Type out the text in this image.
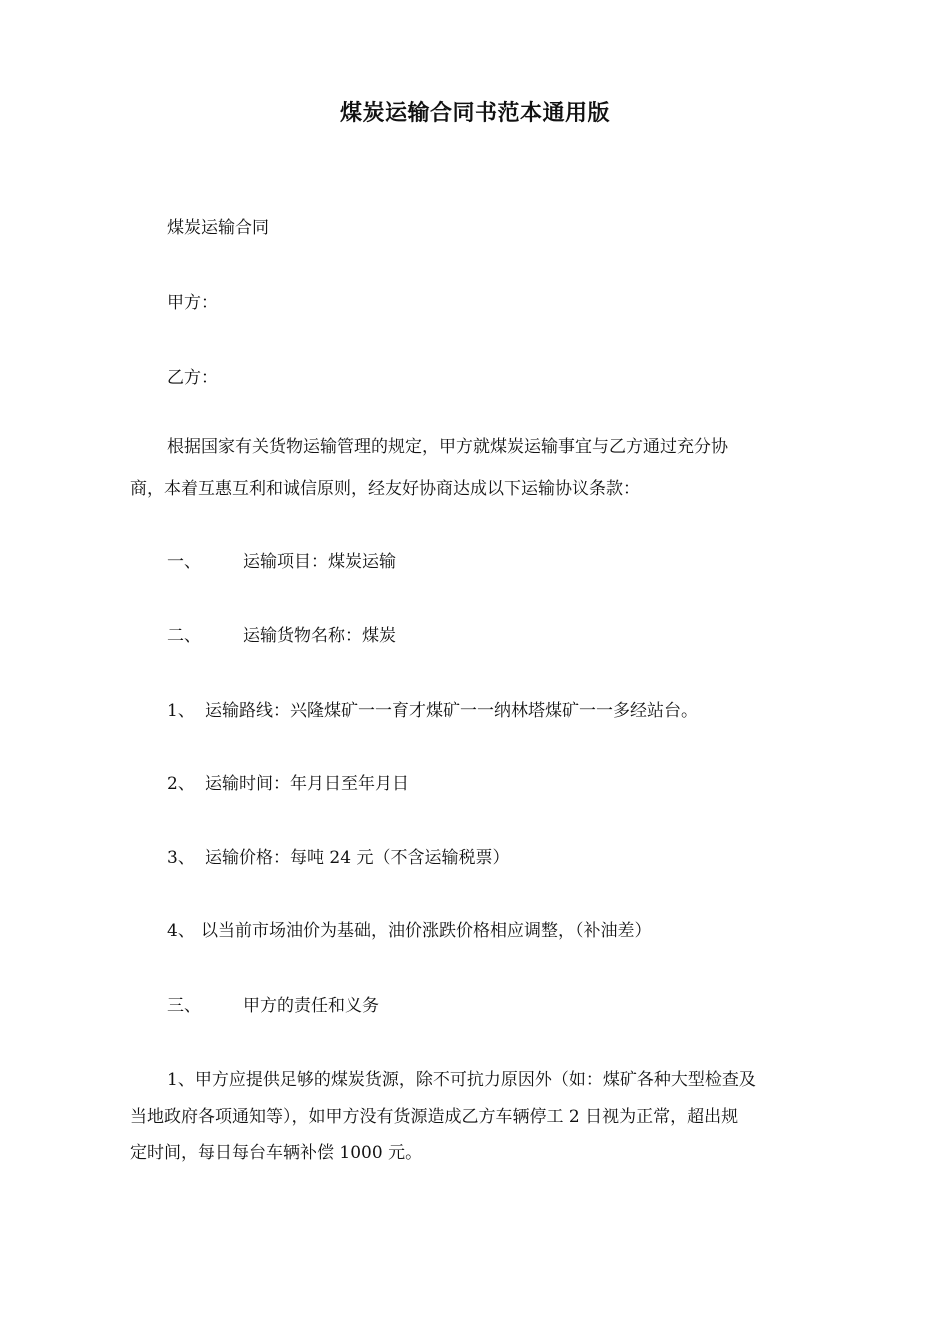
煤炭运输合同书范本通用版
煤炭运输合同
甲方：
乙方：
根据国家有关货物运输管理的规定，甲方就煤炭运输事宜与乙方通过充分协
商，本着互惠互利和诚信原则，经友好协商达成以下运输协议条款：
一、 运输项目：煤炭运输
二、 运输货物名称：煤炭
1、 运输路线：兴隆煤矿一一育才煤矿一一纳林塔煤矿一一多经站台。
2、 运输时间：年月日至年月日
3、 运输价格：每吨 24 元（不含运输税票）
4、 以当前市场油价为基础，油价涨跌价格相应调整，（补油差）
三、 甲方的责任和义务
1、甲方应提供足够的煤炭货源，除不可抗力原因外（如：煤矿各种大型检查及
当地政府各项通知等），如甲方没有货源造成乙方车辆停工 2 日视为正常，超出规
定时间，每日每台车辆补偿 1000 元。
